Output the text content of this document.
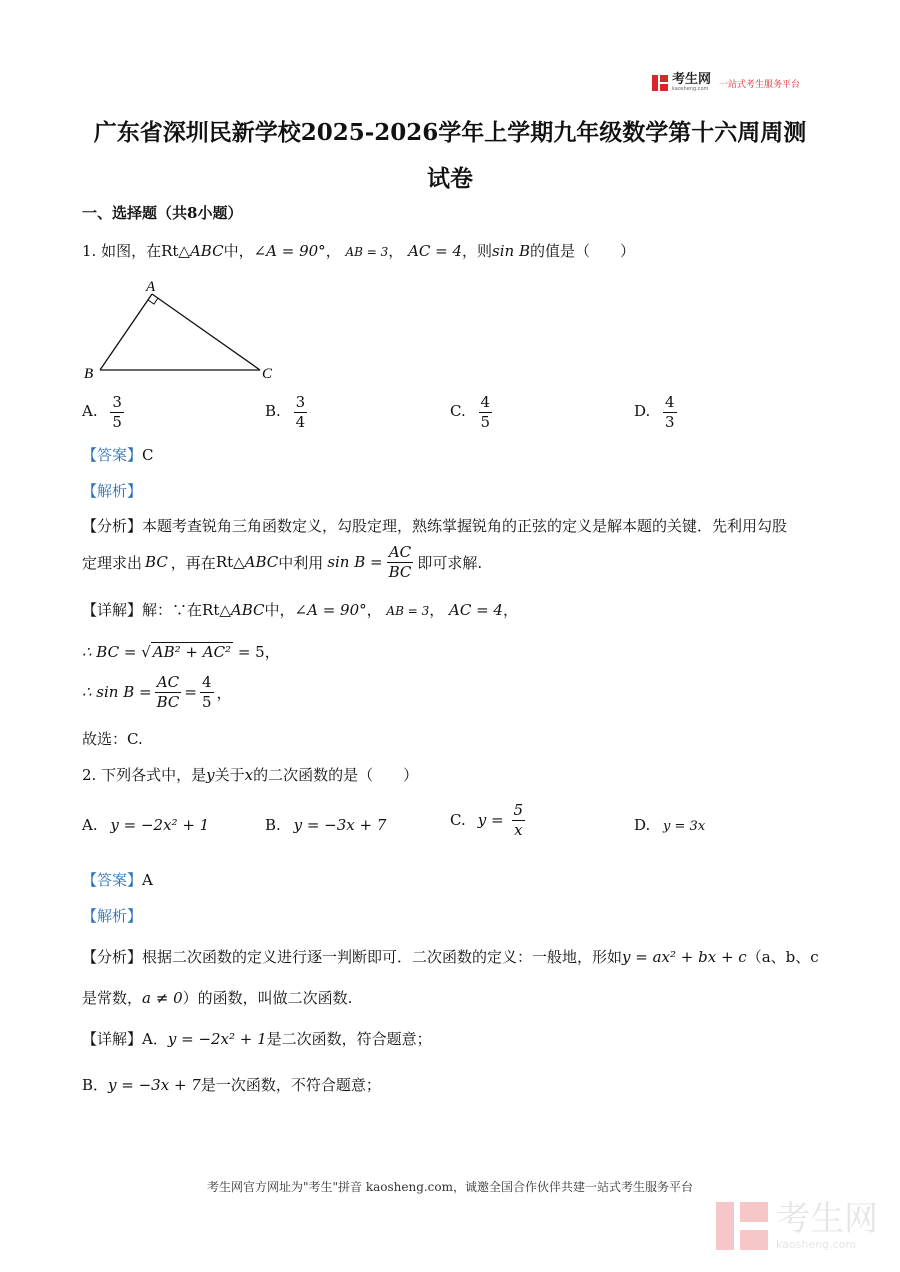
考生网
kaosheng.com 一站式考生服务平台
广东省深圳民新学校2025-2026学年上学期九年级数学第十六周周测
试卷
一、选择题（共8小题）
1. 如图，在Rt△ABC中，∠A = 90°， AB = 3， AC = 4，则sin B的值是（　　）
A
B	C
A. $\frac{3}{5}$	B. $\frac{3}{4}$	C. $\frac{4}{5}$	D. $\frac{4}{3}$
【答案】C
【解析】
【分析】本题考查锐角三角函数定义，勾股定理，熟练掌握锐角的正弦的定义是解本题的关键．先利用勾股
定理求出 BC ，再在 Rt△ ABC 中利用 $\sin B = \frac{AC}{BC}$ 即可求解.
【详解】解：∵在Rt△ABC中，∠A = 90°， AB = 3， AC = 4，
∴ BC = √ AB² + AC² = 5，
∴ $\sin B = \frac{AC}{BC} = \frac{4}{5}$ ，
故选：C.
2. 下列各式中，是y关于x的二次函数的是（　　）
A. y = −2x² + 1	B. y = −3x + 7	C. $y = \frac{5}{x}$	D. y = 3x
【答案】A
【解析】
【分析】根据二次函数的定义进行逐一判断即可．二次函数的定义：一般地，形如y = ax² + bx + c（a、b、c
是常数，a ≠ 0）的函数，叫做二次函数.
【详解】A．y = −2x² + 1是二次函数，符合题意；
B．y = −3x + 7是一次函数，不符合题意；
考生网官方网址为"考生"拼音 kaosheng.com，诚邀全国合作伙伴共建一站式考生服务平台
考生网
kaosheng.com
